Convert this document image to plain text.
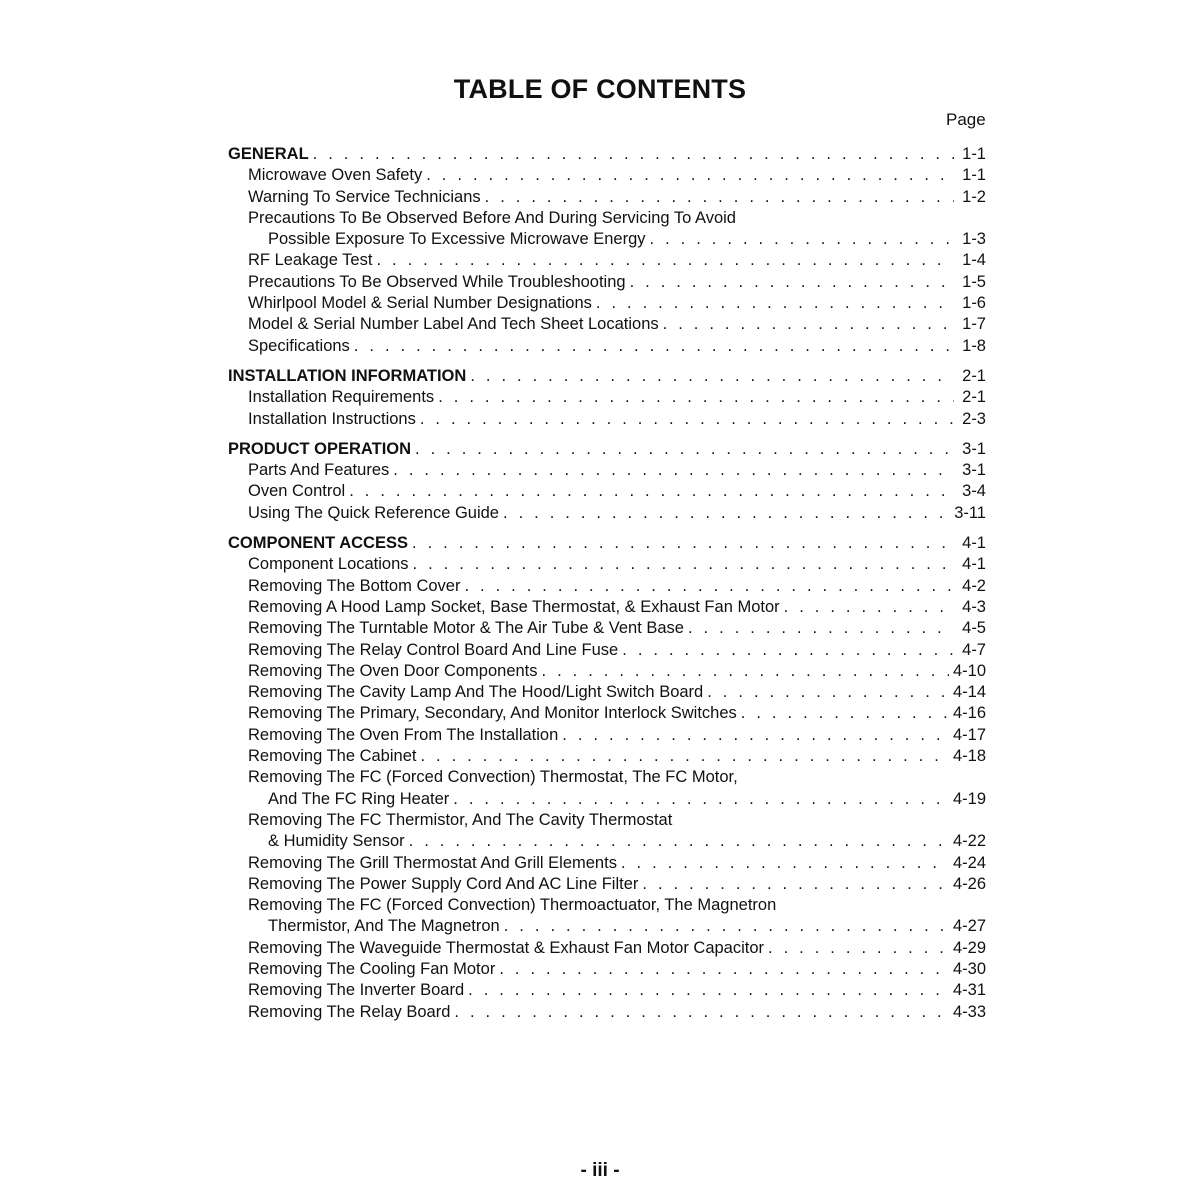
TABLE OF CONTENTS
Page
GENERAL . . .	1-1
Microwave Oven Safety . . .	1-1
Warning To Service Technicians . . .	1-2
Precautions To Be Observed Before And During Servicing To Avoid
Possible Exposure To Excessive Microwave Energy . . .	1-3
RF Leakage Test . . .	1-4
Precautions To Be Observed While Troubleshooting . . .	1-5
Whirlpool Model & Serial Number Designations . . .	1-6
Model & Serial Number Label And Tech Sheet Locations . . .	1-7
Specifications . . .	1-8
INSTALLATION INFORMATION . . .	2-1
Installation Requirements . . .	2-1
Installation Instructions . . .	2-3
PRODUCT OPERATION . . .	3-1
Parts And Features . . .	3-1
Oven Control . . .	3-4
Using The Quick Reference Guide . . .	3-11
COMPONENT ACCESS . . .	4-1
Component Locations . . .	4-1
Removing The Bottom Cover . . .	4-2
Removing A Hood Lamp Socket, Base Thermostat, & Exhaust Fan Motor . . .	4-3
Removing The Turntable Motor & The Air Tube & Vent Base . . .	4-5
Removing The Relay Control Board And Line Fuse . . .	4-7
Removing The Oven Door Components . . .	4-10
Removing The Cavity Lamp And The Hood/Light Switch Board . . .	4-14
Removing The Primary, Secondary, And Monitor Interlock Switches . . .	4-16
Removing The Oven From The Installation . . .	4-17
Removing The Cabinet . . .	4-18
Removing The FC (Forced Convection) Thermostat, The FC Motor,
And The FC Ring Heater . . .	4-19
Removing The FC Thermistor, And The Cavity Thermostat
& Humidity Sensor . . .	4-22
Removing The Grill Thermostat And Grill Elements . . .	4-24
Removing The Power Supply Cord And AC Line Filter . . .	4-26
Removing The FC (Forced Convection) Thermoactuator, The Magnetron
Thermistor, And The Magnetron . . .	4-27
Removing The Waveguide Thermostat & Exhaust Fan Motor Capacitor . . .	4-29
Removing The Cooling Fan Motor . . .	4-30
Removing The Inverter Board . . .	4-31
Removing The Relay Board . . .	4-33
- iii -
